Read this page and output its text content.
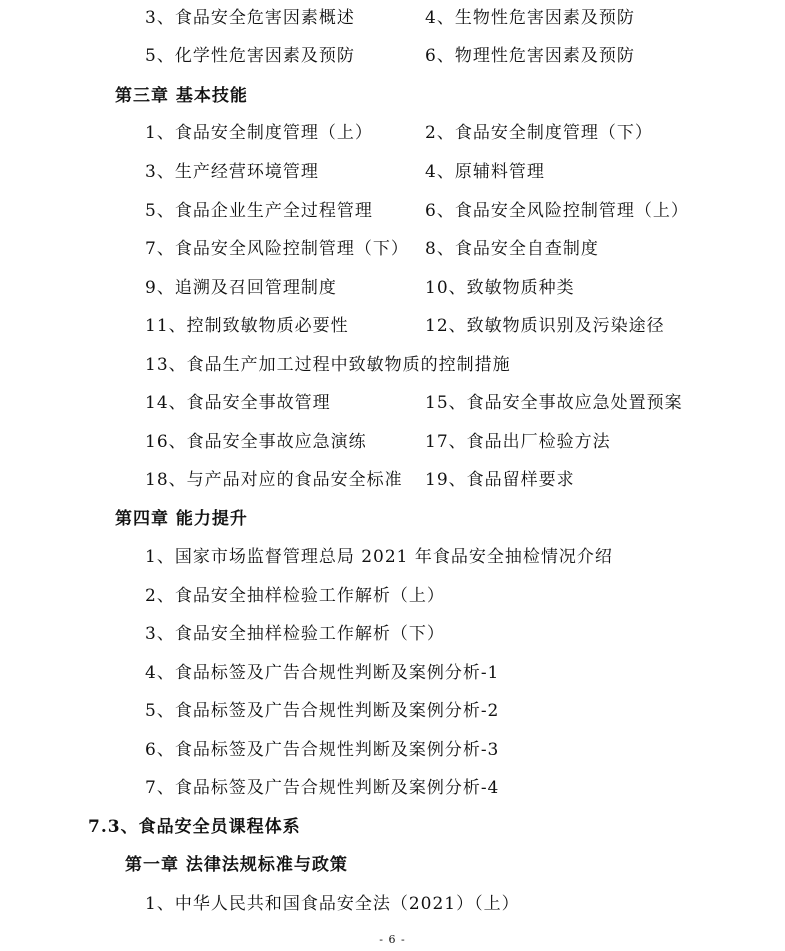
3、食品安全危害因素概述	4、生物性危害因素及预防
5、化学性危害因素及预防	6、物理性危害因素及预防
第三章 基本技能
1、食品安全制度管理（上）	2、食品安全制度管理（下）
3、生产经营环境管理	4、原辅料管理
5、食品企业生产全过程管理	6、食品安全风险控制管理（上）
7、食品安全风险控制管理（下） 8、食品安全自查制度
9、追溯及召回管理制度	10、致敏物质种类
11、控制致敏物质必要性	12、致敏物质识别及污染途径
13、食品生产加工过程中致敏物质的控制措施
14、食品安全事故管理	15、食品安全事故应急处置预案
16、食品安全事故应急演练	17、食品出厂检验方法
18、与产品对应的食品安全标准 19、食品留样要求
第四章 能力提升
1、国家市场监督管理总局 2021 年食品安全抽检情况介绍
2、食品安全抽样检验工作解析（上）
3、食品安全抽样检验工作解析（下）
4、食品标签及广告合规性判断及案例分析-1
5、食品标签及广告合规性判断及案例分析-2
6、食品标签及广告合规性判断及案例分析-3
7、食品标签及广告合规性判断及案例分析-4
7.3、食品安全员课程体系
第一章 法律法规标准与政策
1、中华人民共和国食品安全法（2021）（上）
- 6 -
